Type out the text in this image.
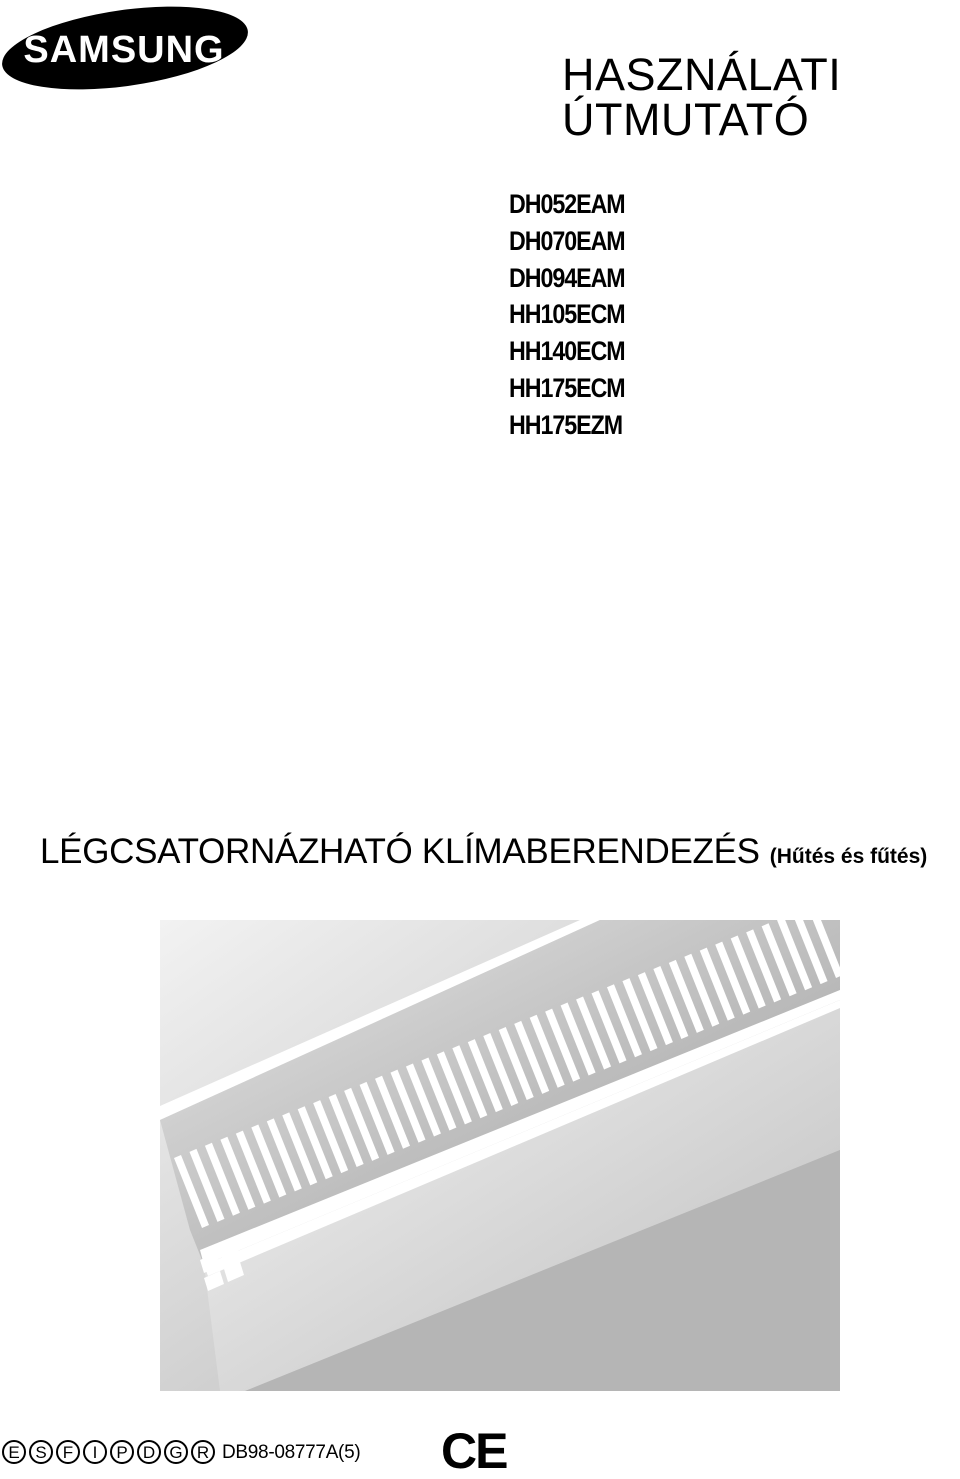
SAMSUNG	HASZNÁLATI
ÚTMUTATÓ
DH052EAM
DH070EAM
DH094EAM
HH105ECM
HH140ECM
HH175ECM
HH175EZM
LÉGCSATORNÁZHATÓ KLÍMABERENDEZÉS (Hűtés és fűtés)
E S F	I	P D G R DB98-08777A(5) CE
